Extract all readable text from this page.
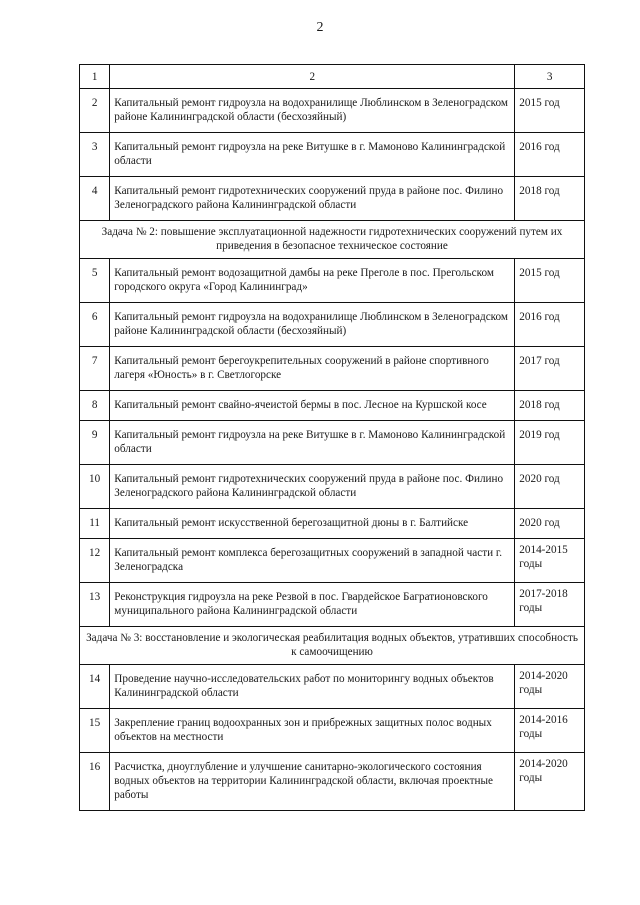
2
1	2	3
2	Капитальный ремонт гидроузла на водохранилище Люблинском в Зеленоградском районе Калининградской области (бесхозяйный)	2015 год
3	Капитальный ремонт гидроузла на реке Витушке в г. Мамоново Калининградской области	2016 год
4	Капитальный ремонт гидротехнических сооружений пруда в районе пос. Филино Зеленоградского района Калининградской области	2018 год
Задача № 2: повышение эксплуатационной надежности гидротехнических сооружений путем их приведения в безопасное техническое состояние		
5	Капитальный ремонт водозащитной дамбы на реке Преголе в пос. Прегольском городского округа «Город Калининград»	2015 год
6	Капитальный ремонт гидроузла на водохранилище Люблинском в Зеленоградском районе Калининградской области (бесхозяйный)	2016 год
7	Капитальный ремонт берегоукрепительных сооружений в районе спортивного лагеря «Юность» в г. Светлогорске	2017 год
8	Капитальный ремонт свайно-ячеистой бермы в пос. Лесное на Куршской косе	2018 год
9	Капитальный ремонт гидроузла на реке Витушке в г. Мамоново Калининградской области	2019 год
10	Капитальный ремонт гидротехнических сооружений пруда в районе пос. Филино Зеленоградского района Калининградской области	2020 год
11	Капитальный ремонт искусственной берегозащитной дюны в г. Балтийске	2020 год
12	Капитальный ремонт комплекса берегозащитных сооружений в западной части г. Зеленоградска	2014-2015 годы
13	Реконструкция гидроузла на реке Резвой в пос. Гвардейское Багратионовского муниципального района Калининградской области	2017-2018 годы
Задача № 3: восстановление и экологическая реабилитация водных объектов, утративших способность к самоочищению		
14	Проведение научно-исследовательских работ по мониторингу водных объектов Калининградской области	2014-2020 годы
15	Закрепление границ водоохранных зон и прибрежных защитных полос водных объектов на местности	2014-2016 годы
16	Расчистка, дноуглубление и улучшение санитарно-экологического состояния водных объектов на территории Калининградской области, включая проектные работы	2014-2020 годы
